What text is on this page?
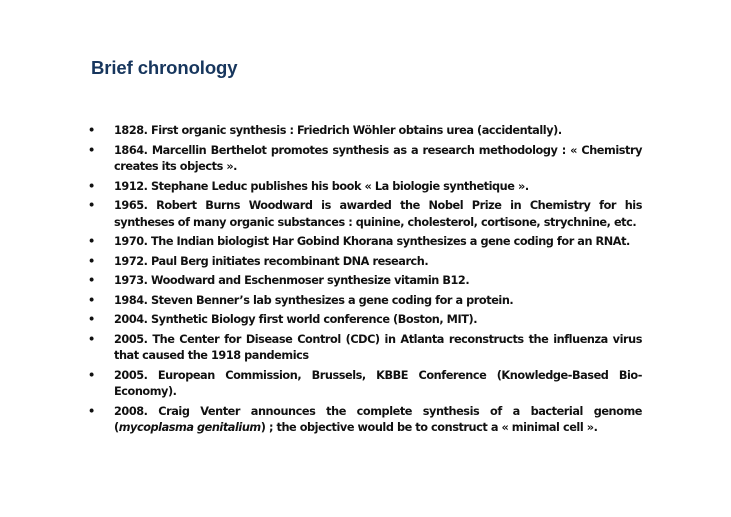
Brief chronology
• 1828. First organic synthesis : Friedrich Wöhler obtains urea (accidentally).
• 1864. Marcellin Berthelot promotes synthesis as a research methodology : « Chemistry creates its objects ».
• 1912. Stephane Leduc publishes his book « La biologie synthetique ».
• 1965. Robert Burns Woodward is awarded the Nobel Prize in Chemistry for his syntheses of many organic substances : quinine, cholesterol, cortisone, strychnine, etc.
• 1970. The Indian biologist Har Gobind Khorana synthesizes a gene coding for an RNAt.
• 1972. Paul Berg initiates recombinant DNA research.
• 1973. Woodward and Eschenmoser synthesize vitamin B12.
• 1984. Steven Benner’s lab synthesizes a gene coding for a protein.
• 2004. Synthetic Biology first world conference (Boston, MIT).
• 2005. The Center for Disease Control (CDC) in Atlanta reconstructs the influenza virus that caused the 1918 pandemics
• 2005. European Commission, Brussels, KBBE Conference (Knowledge-Based Bio-Economy).
• 2008. Craig Venter announces the complete synthesis of a bacterial genome (mycoplasma genitalium) ; the objective would be to construct a « minimal cell ».
